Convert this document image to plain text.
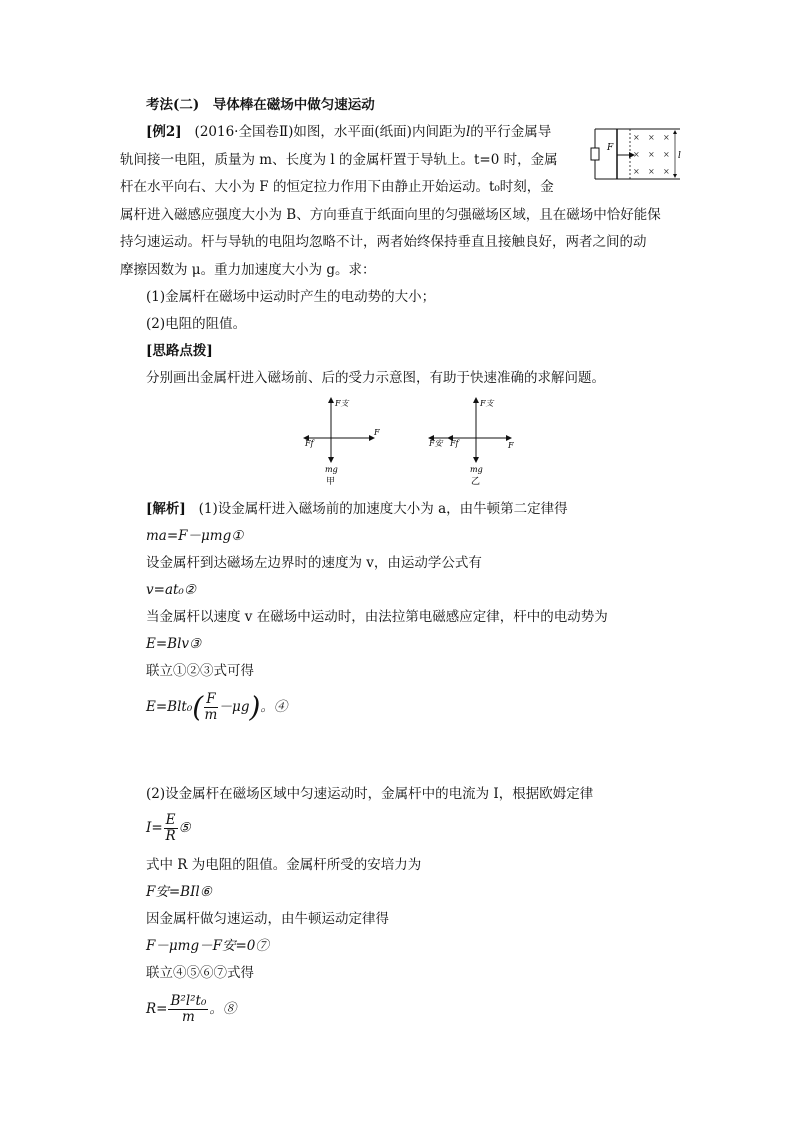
考法(二)　导体棒在磁场中做匀速运动
[例2] (2016·全国卷Ⅱ)如图，水平面(纸面)内间距为l的平行金属导
轨间接一电阻，质量为 m、长度为 l 的金属杆置于导轨上。t=0 时，金属
杆在水平向右、大小为 F 的恒定拉力作用下由静止开始运动。t₀时刻，金
属杆进入磁感应强度大小为 B、方向垂直于纸面向里的匀强磁场区域，且在磁场中恰好能保
持匀速运动。杆与导轨的电阻均忽略不计，两者始终保持垂直且接触良好，两者之间的动
摩擦因数为 μ。重力加速度大小为 g。求：
(1)金属杆在磁场中运动时产生的电动势的大小；
(2)电阻的阻值。
F
× × ×
× × ×
× × ×
l
[思路点拨]
分别画出金属杆进入磁场前、后的受力示意图，有助于快速准确的求解问题。
F支
F
Ff
mg
甲
F支
F
F安 Ff
mg
乙
[解析] (1)设金属杆进入磁场前的加速度大小为 a，由牛顿第二定律得
ma=F－μmg①
设金属杆到达磁场左边界时的速度为 v，由运动学公式有
v=at₀②
当金属杆以速度 v 在磁场中运动时，由法拉第电磁感应定律，杆中的电动势为
E=Blv③
联立①②③式可得
$E=Blt_0( \frac{F}{m} -\mu g)$。④
(2)设金属杆在磁场区域中匀速运动时，金属杆中的电流为 I，根据欧姆定律
$I= \frac{E}{R}$ ⑤
式中 R 为电阻的阻值。金属杆所受的安培力为
F安=BIl⑥
因金属杆做匀速运动，由牛顿运动定律得
F－μmg－F安=0⑦
联立④⑤⑥⑦式得
$R= \frac{\text{B²l²t₀}}{m}$ 。⑧
